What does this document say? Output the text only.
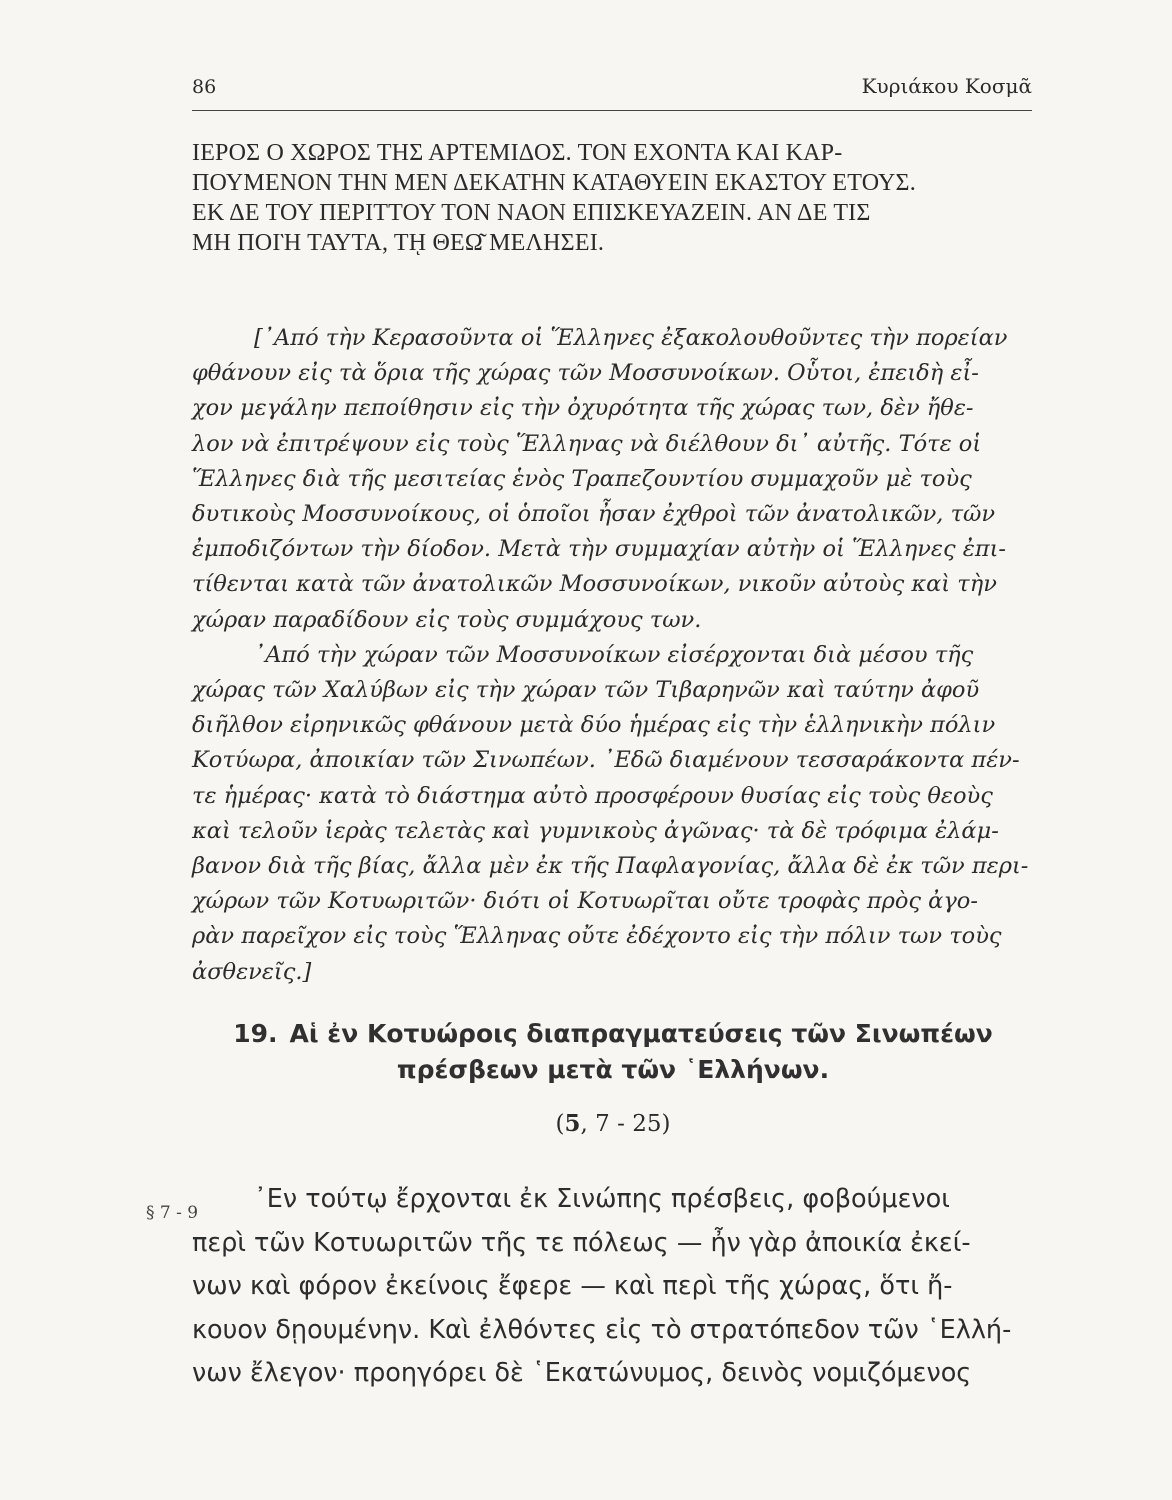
86	Κυριάκου Κοσμᾶ
ΙΕΡΟΣ Ο ΧΩΡΟΣ ΤΗΣ ΑΡΤΕΜΙΔΟΣ. ΤΟΝ ΕΧΟΝΤΑ ΚΑΙ ΚΑΡ-
ΠΟΥΜΕΝΟΝ ΤΗΝ ΜΕΝ ΔΕΚΑΤΗΝ ΚΑΤΑΘΥΕΙΝ ΕΚΑΣΤΟΥ ΕΤΟΥΣ.
ΕΚ ΔΕ ΤΟΥ ΠΕΡΙΤΤΟΥ ΤΟΝ ΝΑΟΝ ΕΠΙΣΚΕΥΑΖΕΙΝ. ΑΝ ΔΕ ΤΙΣ
ΜΗ ΠΟΙῊ ΤΑΥΤΑ, Τῌ ΘΕΩ͂ ΜΕΛΗΣΕΙ.
[᾽Από τὴν Κερασοῦντα οἱ Ἕλληνες ἐξακολουθοῦντες τὴν πορείαν
φθάνουν εἰς τὰ ὅρια τῆς χώρας τῶν Μοσσυνοίκων. Οὗτοι, ἐπειδὴ εἶ-
χον μεγάλην πεποίθησιν εἰς τὴν ὀχυρότητα τῆς χώρας των, δὲν ἤθε-
λον νὰ ἐπιτρέψουν εἰς τοὺς Ἕλληνας νὰ διέλθουν δι᾽ αὐτῆς. Τότε οἱ
Ἕλληνες διὰ τῆς μεσιτείας ἑνὸς Τραπεζουντίου συμμαχοῦν μὲ τοὺς
δυτικοὺς Μοσσυνοίκους, οἱ ὁποῖοι ἦσαν ἐχθροὶ τῶν ἀνατολικῶν, τῶν
ἐμποδιζόντων τὴν δίοδον. Μετὰ τὴν συμμαχίαν αὐτὴν οἱ Ἕλληνες ἐπι-
τίθενται κατὰ τῶν ἀνατολικῶν Μοσσυνοίκων, νικοῦν αὐτοὺς καὶ τὴν
χώραν παραδίδουν εἰς τοὺς συμμάχους των.
᾽Από τὴν χώραν τῶν Μοσσυνοίκων εἰσέρχονται διὰ μέσου τῆς
χώρας τῶν Χαλύβων εἰς τὴν χώραν τῶν Τιβαρηνῶν καὶ ταύτην ἀφοῦ
διῆλθον εἰρηνικῶς φθάνουν μετὰ δύο ἡμέρας εἰς τὴν ἑλληνικὴν πόλιν
Κοτύωρα, ἀποικίαν τῶν Σινωπέων. ᾽Εδῶ διαμένουν τεσσαράκοντα πέν-
τε ἡμέρας· κατὰ τὸ διάστημα αὐτὸ προσφέρουν θυσίας εἰς τοὺς θεοὺς
καὶ τελοῦν ἱερὰς τελετὰς καὶ γυμνικοὺς ἀγῶνας· τὰ δὲ τρόφιμα ἐλάμ-
βανον διὰ τῆς βίας, ἄλλα μὲν ἐκ τῆς Παφλαγονίας, ἄλλα δὲ ἐκ τῶν περι-
χώρων τῶν Κοτυωριτῶν· διότι οἱ Κοτυωρῖται οὔτε τροφὰς πρὸς ἀγο-
ρὰν παρεῖχον εἰς τοὺς Ἕλληνας οὔτε ἐδέχοντο εἰς τὴν πόλιν των τοὺς
ἀσθενεῖς.]
19. Αἱ ἐν Κοτυώροις διαπραγματεύσεις τῶν Σινωπέων
πρέσβεων μετὰ τῶν ῾Ελλήνων.
(5, 7 - 25)
§ 7 - 9	᾽Εν τούτῳ ἔρχονται ἐκ Σινώπης πρέσβεις, φοβούμενοι
περὶ τῶν Κοτυωριτῶν τῆς τε πόλεως — ἦν γὰρ ἀποικία ἐκεί-
νων καὶ φόρον ἐκείνοις ἔφερε — καὶ περὶ τῆς χώρας, ὅτι ἤ-
κουον δῃουμένην. Καὶ ἐλθόντες εἰς τὸ στρατόπεδον τῶν ῾Ελλή-
νων ἔλεγον· προηγόρει δὲ ῾Εκατώνυμος, δεινὸς νομιζόμενος
